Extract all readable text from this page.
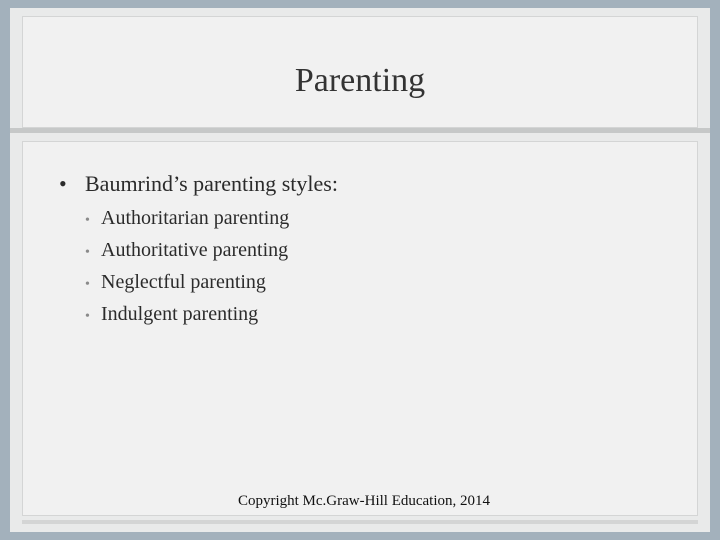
Parenting
• Baumrind’s parenting styles:
• Authoritarian parenting
• Authoritative parenting
• Neglectful parenting
• Indulgent parenting
Copyright Mc.Graw-Hill Education, 2014
